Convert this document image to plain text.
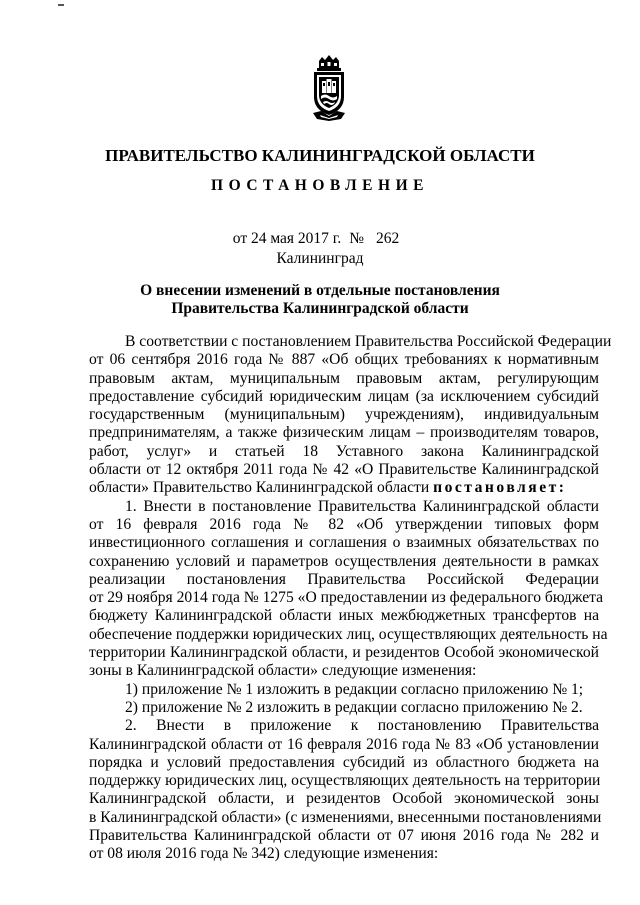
ПРАВИТЕЛЬСТВО КАЛИНИНГРАДСКОЙ ОБЛАСТИ
ПОСТАНОВЛЕНИЕ
от 24 мая 2017 г. № 262
Калининград
О внесении изменений в отдельные постановления
Правительства Калининградской области
В соответствии с постановлением Правительства Российской Федерации
от 06 сентября 2016 года № 887 «Об общих требованиях к нормативным
правовым актам, муниципальным правовым актам, регулирующим
предоставление субсидий юридическим лицам (за исключением субсидий
государственным (муниципальным) учреждениям), индивидуальным
предпринимателям, а также физическим лицам – производителям товаров,
работ, услуг» и статьей 18 Уставного закона Калининградской
области от 12 октября 2011 года № 42 «О Правительстве Калининградской
области» Правительство Калининградской области постановляет:
1. Внести в постановление Правительства Калининградской области
от 16 февраля 2016 года № 82 «Об утверждении типовых форм
инвестиционного соглашения и соглашения о взаимных обязательствах по
сохранению условий и параметров осуществления деятельности в рамках
реализации постановления Правительства Российской Федерации
от 29 ноября 2014 года № 1275 «О предоставлении из федерального бюджета
бюджету Калининградской области иных межбюджетных трансфертов на
обеспечение поддержки юридических лиц, осуществляющих деятельность на
территории Калининградской области, и резидентов Особой экономической
зоны в Калининградской области» следующие изменения:
1) приложение № 1 изложить в редакции согласно приложению № 1;
2) приложение № 2 изложить в редакции согласно приложению № 2.
2. Внести в приложение к постановлению Правительства
Калининградской области от 16 февраля 2016 года № 83 «Об установлении
порядка и условий предоставления субсидий из областного бюджета на
поддержку юридических лиц, осуществляющих деятельность на территории
Калининградской области, и резидентов Особой экономической зоны
в Калининградской области» (с изменениями, внесенными постановлениями
Правительства Калининградской области от 07 июня 2016 года № 282 и
от 08 июля 2016 года № 342) следующие изменения:
